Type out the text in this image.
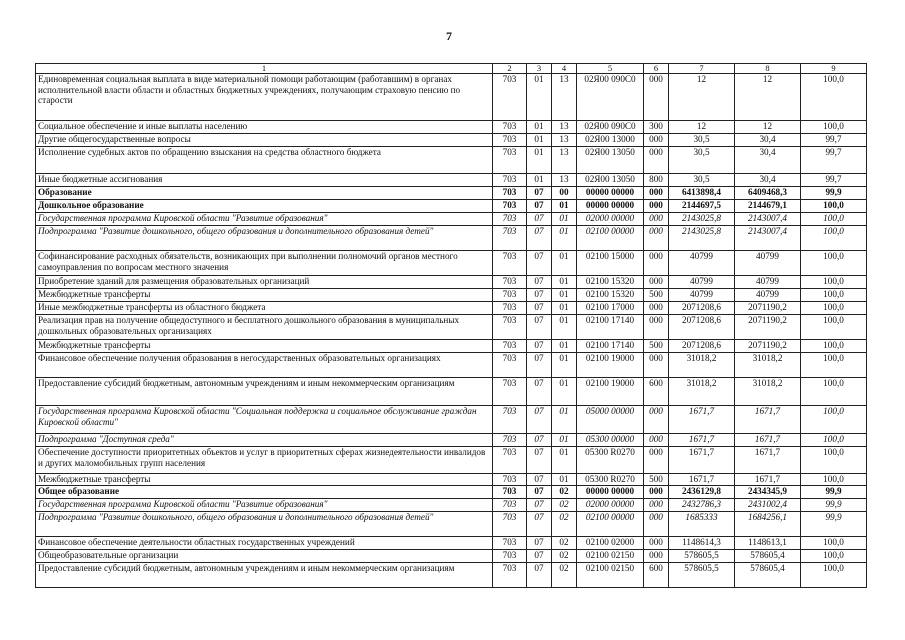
7
1	2	3	4	5	6	7	8	9
Единовременная социальная выплата в виде материальной помощи работающим (работавшим) в органах исполнительной власти области и областных бюджетных учреждениях, получающим страховую пенсию по старости	703	01	13	02Я00 090С0	000	12	12	100,0
Социальное обеспечение и иные выплаты населению	703	01	13	02Я00 090С0	300	12	12	100,0
Другие общегосударственные вопросы	703	01	13	02Я00 13000	000	30,5	30,4	99,7
Исполнение судебных актов по обращению взыскания на средства областного бюджета	703	01	13	02Я00 13050	000	30,5	30,4	99,7
Иные бюджетные ассигнования	703	01	13	02Я00 13050	800	30,5	30,4	99,7
Образование	703	07	00	00000 00000	000	6413898,4	6409468,3	99,9
Дошкольное образование	703	07	01	00000 00000	000	2144697,5	2144679,1	100,0
Государственная программа Кировской области "Развитие образования"	703	07	01	02000 00000	000	2143025,8	2143007,4	100,0
Подпрограмма "Развитие дошкольного, общего образования и дополнительного образования детей"	703	07	01	02100 00000	000	2143025,8	2143007,4	100,0
Софинансирование расходных обязательств, возникающих при выполнении полномочий органов местного самоуправления по вопросам местного значения	703	07	01	02100 15000	000	40799	40799	100,0
Приобретение зданий для размещения образовательных организаций	703	07	01	02100 15320	000	40799	40799	100,0
Межбюджетные трансферты	703	07	01	02100 15320	500	40799	40799	100,0
Иные межбюджетные трансферты из областного бюджета	703	07	01	02100 17000	000	2071208,6	2071190,2	100,0
Реализация прав на получение общедоступного и бесплатного дошкольного образования в муниципальных дошкольных образовательных организациях	703	07	01	02100 17140	000	2071208,6	2071190,2	100,0
Межбюджетные трансферты	703	07	01	02100 17140	500	2071208,6	2071190,2	100,0
Финансовое обеспечение получения образования в негосударственных образовательных организациях	703	07	01	02100 19000	000	31018,2	31018,2	100,0
Предоставление субсидий бюджетным, автономным учреждениям и иным некоммерческим организациям	703	07	01	02100 19000	600	31018,2	31018,2	100,0
Государственная программа Кировской области "Социальная поддержка и социальное обслуживание граждан Кировской области"	703	07	01	05000 00000	000	1671,7	1671,7	100,0
Подпрограмма "Доступная среда"	703	07	01	05300 00000	000	1671,7	1671,7	100,0
Обеспечение доступности приоритетных объектов и услуг в приоритетных сферах жизнедеятельности инвалидов и других маломобильных групп населения	703	07	01	05300 R0270	000	1671,7	1671,7	100,0
Межбюджетные трансферты	703	07	01	05300 R0270	500	1671,7	1671,7	100,0
Общее образование	703	07	02	00000 00000	000	2436129,8	2434345,9	99,9
Государственная программа Кировской области "Развитие образования"	703	07	02	02000 00000	000	2432786,3	2431002,4	99,9
Подпрограмма "Развитие дошкольного, общего образования и дополнительного образования детей"	703	07	02	02100 00000	000	1685333	1684256,1	99,9
Финансовое обеспечение деятельности областных государственных учреждений	703	07	02	02100 02000	000	1148614,3	1148613,1	100,0
Общеобразовательные организации	703	07	02	02100 02150	000	578605,5	578605,4	100,0
Предоставление субсидий бюджетным, автономным учреждениям и иным некоммерческим организациям	703	07	02	02100 02150	600	578605,5	578605,4	100,0
